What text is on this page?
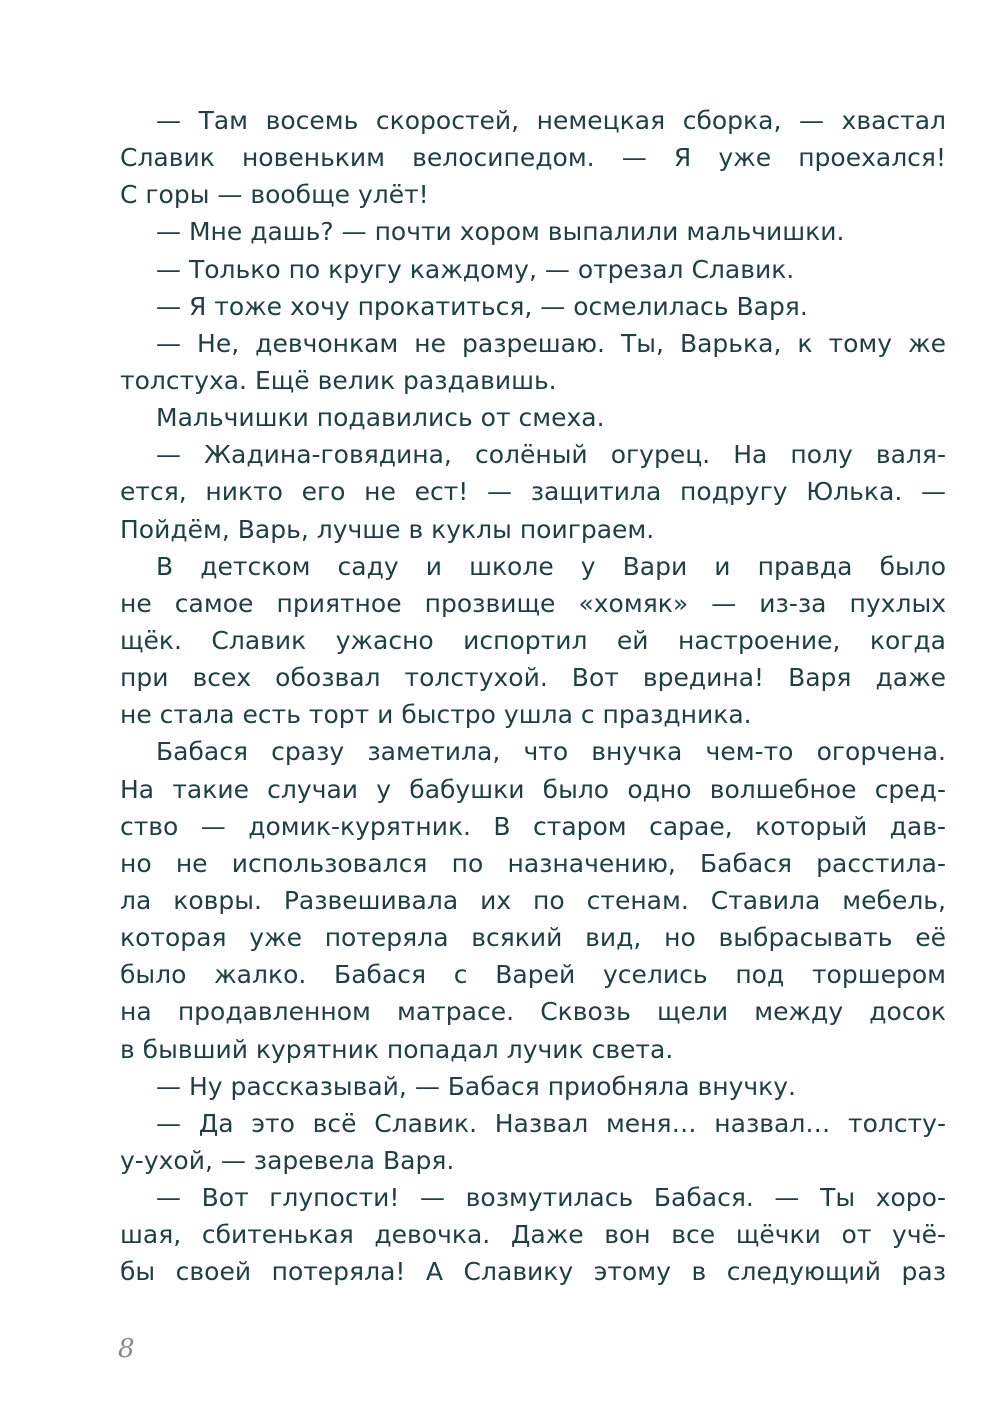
— Там восемь скоростей, немецкая сборка, — хвастал
Славик новеньким велосипедом. — Я уже проехался!
С горы — вообще улёт!
— Мне дашь? — почти хором выпалили мальчишки.
— Только по кругу каждому, — отрезал Славик.
— Я тоже хочу прокатиться, — осмелилась Варя.
— Не, девчонкам не разрешаю. Ты, Варька, к тому же
толстуха. Ещё велик раздавишь.
Мальчишки подавились от смеха.
— Жадина-говядина, солёный огурец. На полу валя-
ется, никто его не ест! — защитила подругу Юлька. —
Пойдём, Варь, лучше в куклы поиграем.
В детском саду и школе у Вари и правда было
не самое приятное прозвище «хомяк» — из-за пухлых
щёк. Славик ужасно испортил ей настроение, когда
при всех обозвал толстухой. Вот вредина! Варя даже
не стала есть торт и быстро ушла с праздника.
Бабася сразу заметила, что внучка чем-то огорчена.
На такие случаи у бабушки было одно волшебное сред-
ство — домик-курятник. В старом сарае, который дав-
но не использовался по назначению, Бабася расстила-
ла ковры. Развешивала их по стенам. Ставила мебель,
которая уже потеряла всякий вид, но выбрасывать её
было жалко. Бабася с Варей уселись под торшером
на продавленном матрасе. Сквозь щели между досок
в бывший курятник попадал лучик света.
— Ну рассказывай, — Бабася приобняла внучку.
— Да это всё Славик. Назвал меня… назвал… толсту-
у-ухой, — заревела Варя.
— Вот глупости! — возмутилась Бабася. — Ты хоро-
шая, сбитенькая девочка. Даже вон все щёчки от учё-
бы своей потеряла! А Славику этому в следующий раз
8
